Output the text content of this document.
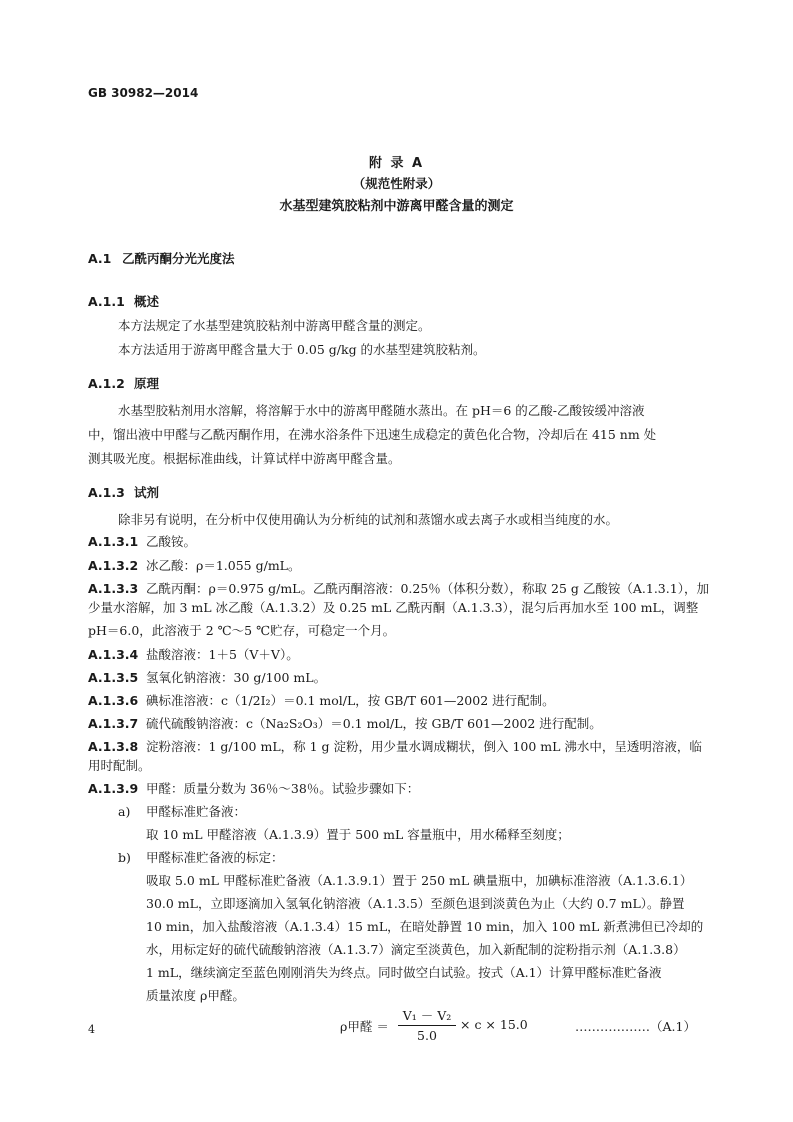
GB 30982—2014
附 录 A
（规范性附录）
水基型建筑胶粘剂中游离甲醛含量的测定
A.1 乙酰丙酮分光光度法
A.1.1 概述
本方法规定了水基型建筑胶粘剂中游离甲醛含量的测定。
本方法适用于游离甲醛含量大于 0.05 g/kg 的水基型建筑胶粘剂。
A.1.2 原理
水基型胶粘剂用水溶解，将溶解于水中的游离甲醛随水蒸出。在 pH＝6 的乙酸-乙酸铵缓冲溶液
中，馏出液中甲醛与乙酰丙酮作用，在沸水浴条件下迅速生成稳定的黄色化合物，冷却后在 415 nm 处
测其吸光度。根据标准曲线，计算试样中游离甲醛含量。
A.1.3 试剂
除非另有说明，在分析中仅使用确认为分析纯的试剂和蒸馏水或去离子水或相当纯度的水。
A.1.3.1 乙酸铵。
A.1.3.2 冰乙酸：ρ＝1.055 g/mL。
A.1.3.3 乙酰丙酮：ρ＝0.975 g/mL。乙酰丙酮溶液：0.25％（体积分数），称取 25 g 乙酸铵（A.1.3.1），加
少量水溶解，加 3 mL 冰乙酸（A.1.3.2）及 0.25 mL 乙酰丙酮（A.1.3.3），混匀后再加水至 100 mL，调整
pH＝6.0，此溶液于 2 ℃～5 ℃贮存，可稳定一个月。
A.1.3.4 盐酸溶液：1＋5（V＋V）。
A.1.3.5 氢氧化钠溶液：30 g/100 mL。
A.1.3.6 碘标准溶液：c（1/2I₂）＝0.1 mol/L，按 GB/T 601—2002 进行配制。
A.1.3.7 硫代硫酸钠溶液：c（Na₂S₂O₃）＝0.1 mol/L，按 GB/T 601—2002 进行配制。
A.1.3.8 淀粉溶液：1 g/100 mL，称 1 g 淀粉，用少量水调成糊状，倒入 100 mL 沸水中，呈透明溶液，临
用时配制。
A.1.3.9 甲醛：质量分数为 36％～38％。试验步骤如下：
a) 甲醛标准贮备液：
取 10 mL 甲醛溶液（A.1.3.9）置于 500 mL 容量瓶中，用水稀释至刻度；
b) 甲醛标准贮备液的标定：
吸取 5.0 mL 甲醛标准贮备液（A.1.3.9.1）置于 250 mL 碘量瓶中，加碘标准溶液（A.1.3.6.1）
30.0 mL，立即逐滴加入氢氧化钠溶液（A.1.3.5）至颜色退到淡黄色为止（大约 0.7 mL）。静置
10 min，加入盐酸溶液（A.1.3.4）15 mL，在暗处静置 10 min，加入 100 mL 新煮沸但已冷却的
水，用标定好的硫代硫酸钠溶液（A.1.3.7）滴定至淡黄色，加入新配制的淀粉指示剂（A.1.3.8）
1 mL，继续滴定至蓝色刚刚消失为终点。同时做空白试验。按式（A.1）计算甲醛标准贮备液
质量浓度 ρ甲醛。
ρ甲醛 ＝ $\frac{\text{V₁ － V₂}}{5.0} \times c \times 15.0$	………………（A.1）
4
